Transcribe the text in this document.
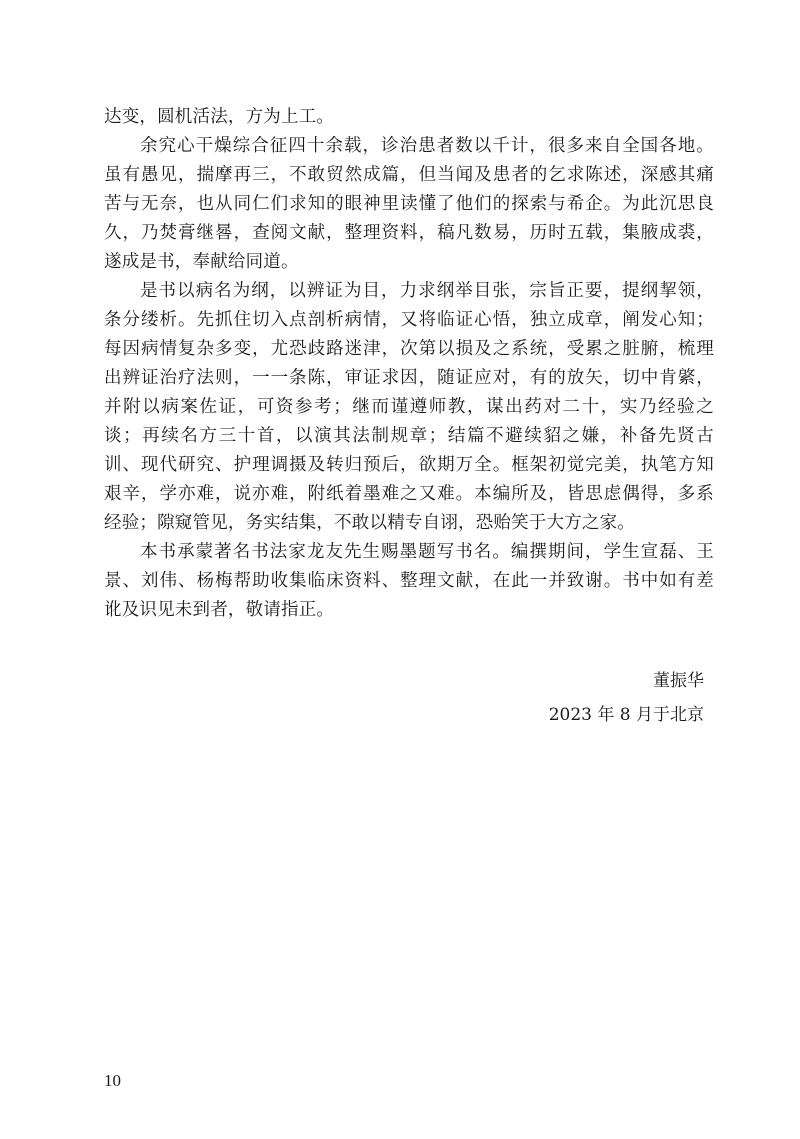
达变，圆机活法，方为上工。
余究心干燥综合征四十余载，诊治患者数以千计，很多来自全国各地。
虽有愚见，揣摩再三，不敢贸然成篇，但当闻及患者的乞求陈述，深感其痛
苦与无奈，也从同仁们求知的眼神里读懂了他们的探索与希企。为此沉思良
久，乃焚膏继晷，查阅文献，整理资料，稿凡数易，历时五载，集腋成裘，
遂成是书，奉献给同道。
是书以病名为纲，以辨证为目，力求纲举目张，宗旨正要，提纲挈领，
条分缕析。先抓住切入点剖析病情，又将临证心悟，独立成章，阐发心知；
每因病情复杂多变，尤恐歧路迷津，次第以损及之系统，受累之脏腑，梳理
出辨证治疗法则，一一条陈，审证求因，随证应对，有的放矢，切中肯綮，
并附以病案佐证，可资参考；继而谨遵师教，谋出药对二十，实乃经验之
谈；再续名方三十首，以演其法制规章；结篇不避续貂之嫌，补备先贤古
训、现代研究、护理调摄及转归预后，欲期万全。框架初觉完美，执笔方知
艰辛，学亦难，说亦难，附纸着墨难之又难。本编所及，皆思虑偶得，多系
经验；隙窥管见，务实结集，不敢以精专自诩，恐贻笑于大方之家。
本书承蒙著名书法家龙友先生赐墨题写书名。编撰期间，学生宣磊、王
景、刘伟、杨梅帮助收集临床资料、整理文献，在此一并致谢。书中如有差
讹及识见未到者，敬请指正。
董振华
2023 年 8 月于北京
10
